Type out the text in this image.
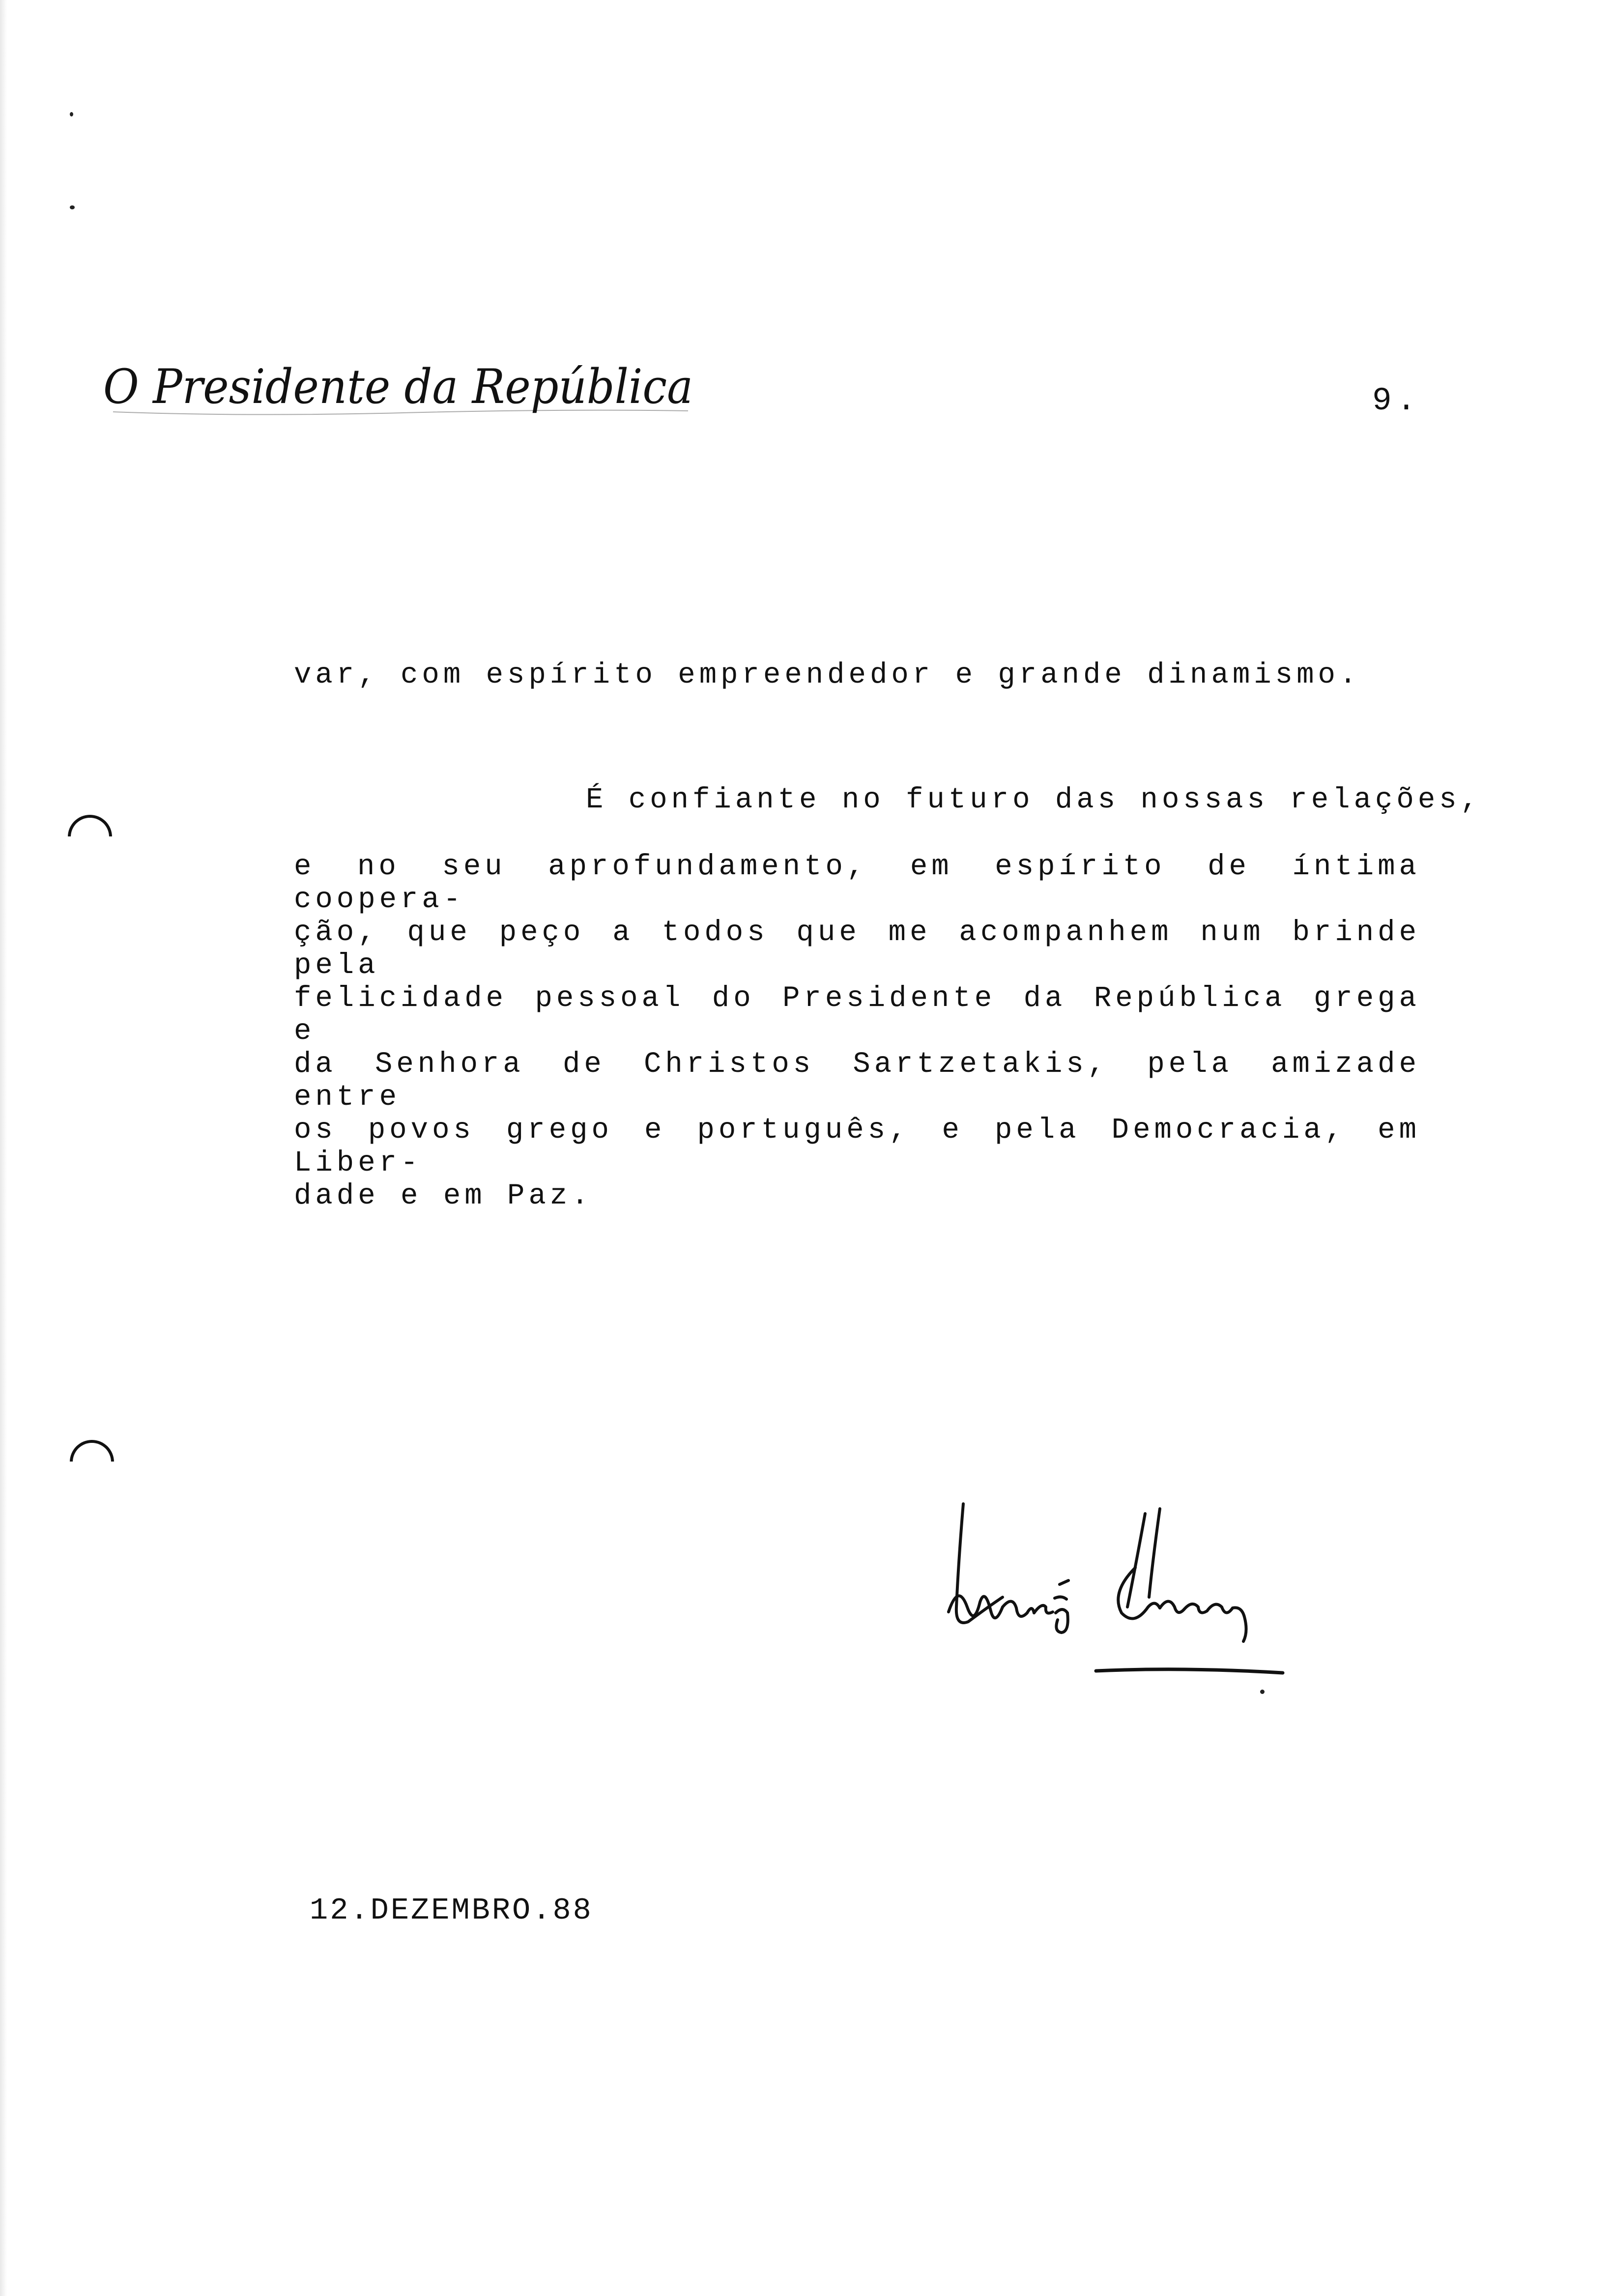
O Presidente da República	9.
var, com espírito empreendedor e grande dinamismo.
É confiante no futuro das nossas relações,
e no seu aprofundamento, em espírito de íntima coopera-
ção, que peço a todos que me acompanhem num brinde pela
felicidade pessoal do Presidente da República grega e
da Senhora de Christos Sartzetakis, pela amizade entre
os povos grego e português, e pela Democracia, em Liber-
dade e em Paz.
Mário Soares
12.DEZEMBRO.88
